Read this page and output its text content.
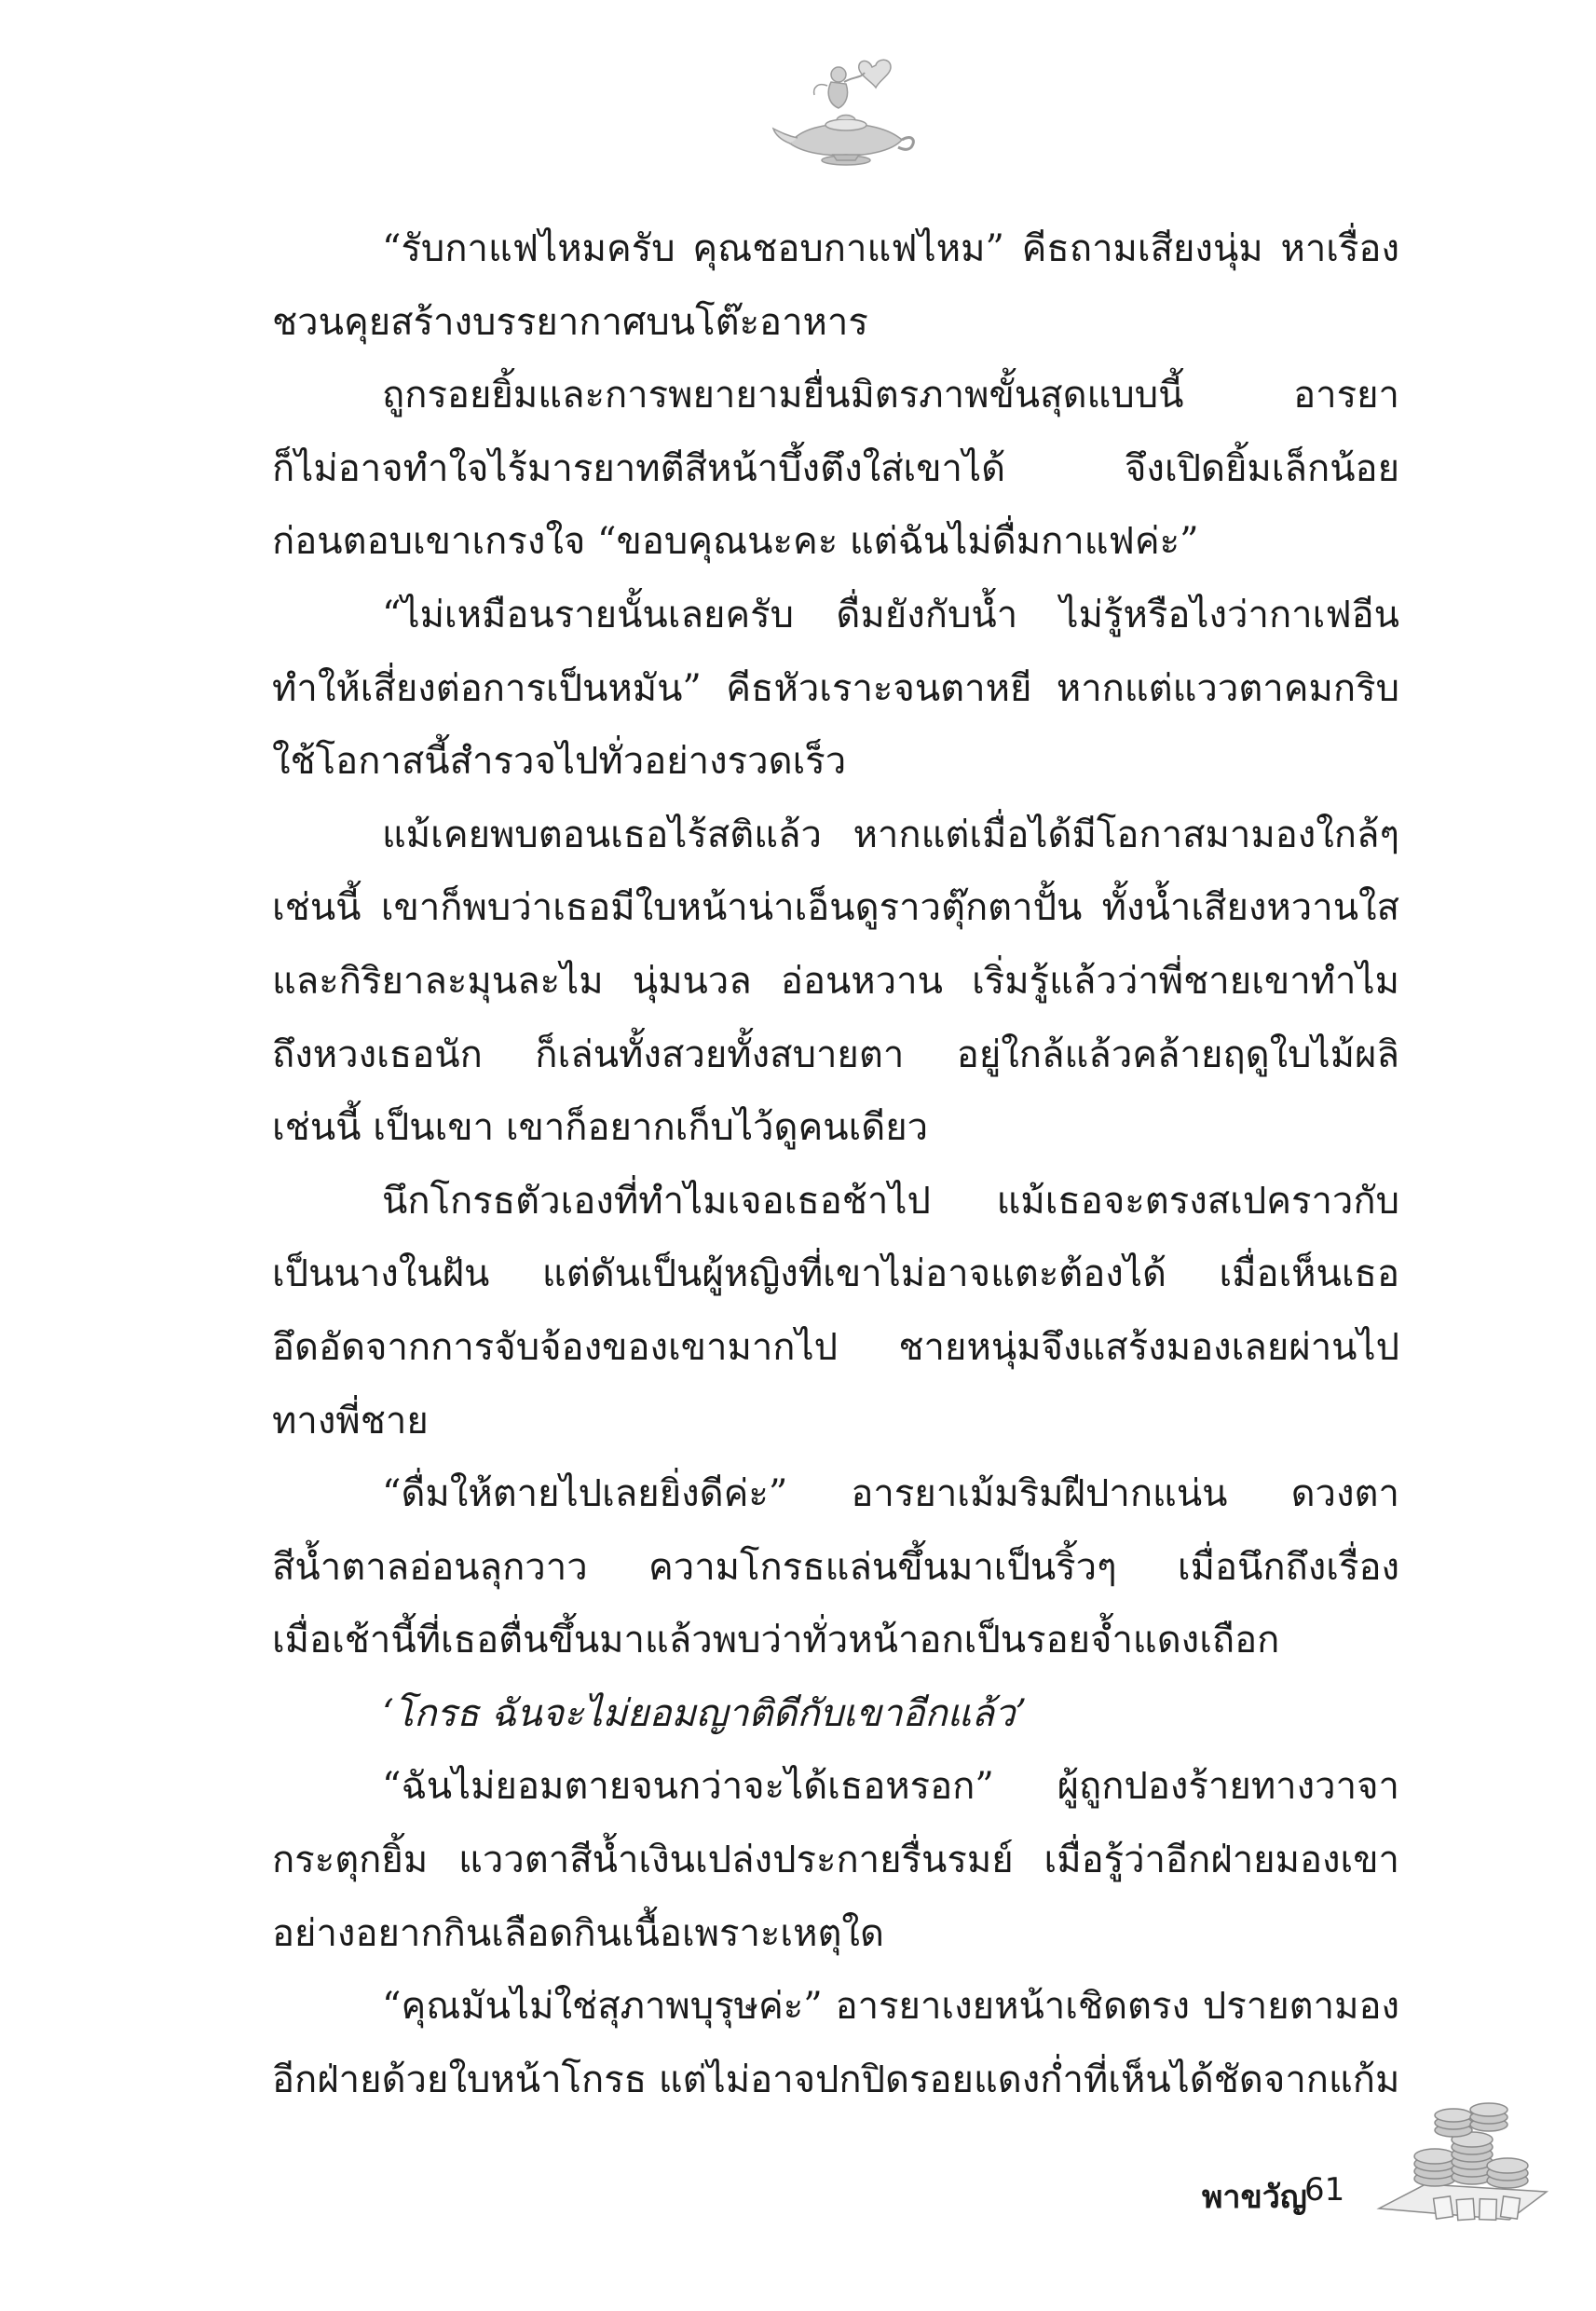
“รับกาแฟไหมครับ คุณชอบกาแฟไหม” คีธถามเสียงนุ่ม หาเรื่อง
ชวนคุยสร้างบรรยากาศบนโต๊ะอาหาร
ถูกรอยยิ้มและการพยายามยื่นมิตรภาพขั้นสุดแบบนี้ อารยา
ก็ไม่อาจทำใจไร้มารยาทตีสีหน้าบึ้งตึงใส่เขาได้ จึงเปิดยิ้มเล็กน้อย
ก่อนตอบเขาเกรงใจ “ขอบคุณนะคะ แต่ฉันไม่ดื่มกาแฟค่ะ”
“ไม่เหมือนรายนั้นเลยครับ ดื่มยังกับน้ำ ไม่รู้หรือไงว่ากาเฟอีน
ทำให้เสี่ยงต่อการเป็นหมัน” คีธหัวเราะจนตาหยี หากแต่แววตาคมกริบ
ใช้โอกาสนี้สำรวจไปทั่วอย่างรวดเร็ว
แม้เคยพบตอนเธอไร้สติแล้ว หากแต่เมื่อได้มีโอกาสมามองใกล้ๆ
เช่นนี้ เขาก็พบว่าเธอมีใบหน้าน่าเอ็นดูราวตุ๊กตาปั้น ทั้งน้ำเสียงหวานใส
และกิริยาละมุนละไม นุ่มนวล อ่อนหวาน เริ่มรู้แล้วว่าพี่ชายเขาทำไม
ถึงหวงเธอนัก ก็เล่นทั้งสวยทั้งสบายตา อยู่ใกล้แล้วคล้ายฤดูใบไม้ผลิ
เช่นนี้ เป็นเขา เขาก็อยากเก็บไว้ดูคนเดียว
นึกโกรธตัวเองที่ทำไมเจอเธอช้าไป แม้เธอจะตรงสเปคราวกับ
เป็นนางในฝัน แต่ดันเป็นผู้หญิงที่เขาไม่อาจแตะต้องได้ เมื่อเห็นเธอ
อึดอัดจากการจับจ้องของเขามากไป ชายหนุ่มจึงแสร้งมองเลยผ่านไป
ทางพี่ชาย
“ดื่มให้ตายไปเลยยิ่งดีค่ะ” อารยาเม้มริมฝีปากแน่น ดวงตา
สีน้ำตาลอ่อนลุกวาว ความโกรธแล่นขึ้นมาเป็นริ้วๆ เมื่อนึกถึงเรื่อง
เมื่อเช้านี้ที่เธอตื่นขึ้นมาแล้วพบว่าทั่วหน้าอกเป็นรอยจ้ำแดงเถือก
‘โกรธ ฉันจะไม่ยอมญาติดีกับเขาอีกแล้ว’
“ฉันไม่ยอมตายจนกว่าจะได้เธอหรอก” ผู้ถูกปองร้ายทางวาจา
กระตุกยิ้ม แววตาสีน้ำเงินเปล่งประกายรื่นรมย์ เมื่อรู้ว่าอีกฝ่ายมองเขา
อย่างอยากกินเลือดกินเนื้อเพราะเหตุใด
“คุณมันไม่ใช่สุภาพบุรุษค่ะ” อารยาเงยหน้าเชิดตรง ปรายตามอง
อีกฝ่ายด้วยใบหน้าโกรธ แต่ไม่อาจปกปิดรอยแดงก่ำที่เห็นได้ชัดจากแก้ม
พาขวัญ
61
